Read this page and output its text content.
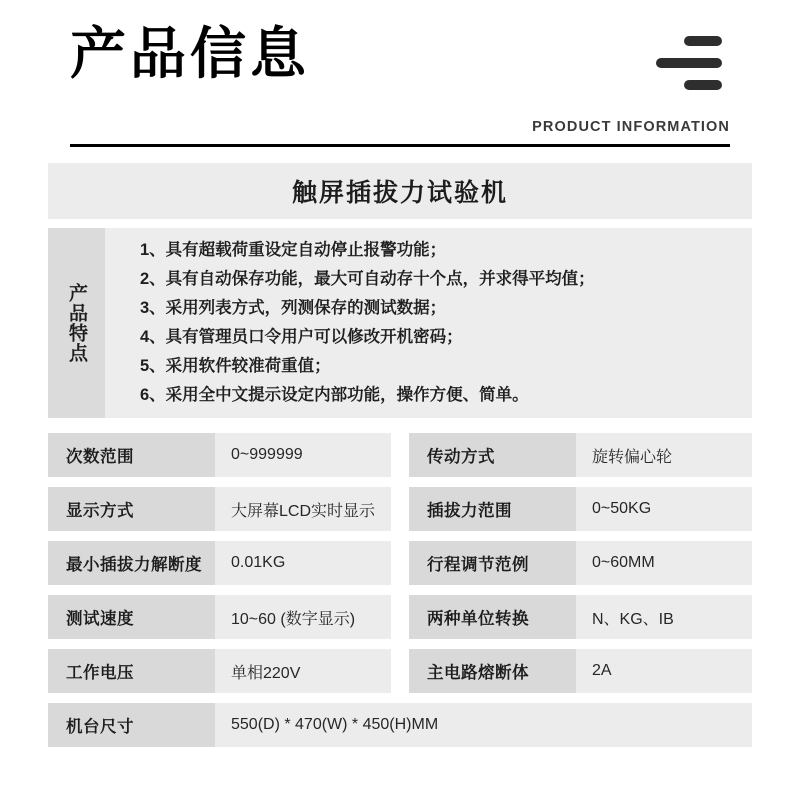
产品信息
PRODUCT INFORMATION
触屏插拔力试验机
产品特点
1、具有超载荷重设定自动停止报警功能；
2、具有自动保存功能，最大可自动存十个点，并求得平均值；
3、采用列表方式，列测保存的测试数据；
4、具有管理员口令用户可以修改开机密码；
5、采用软件较准荷重值；
6、采用全中文提示设定内部功能，操作方便、简单。
次数范围	0~999999	传动方式	旋转偏心轮
显示方式	大屏幕LCD实时显示	插拔力范围	0~50KG
最小插拔力解断度	0.01KG	行程调节范例	0~60MM
测试速度	10~60 (数字显示)	两种单位转换	N、KG、IB
工作电压	单相220V	主电路熔断体	2A
机台尺寸	550(D) * 470(W) * 450(H)MM
